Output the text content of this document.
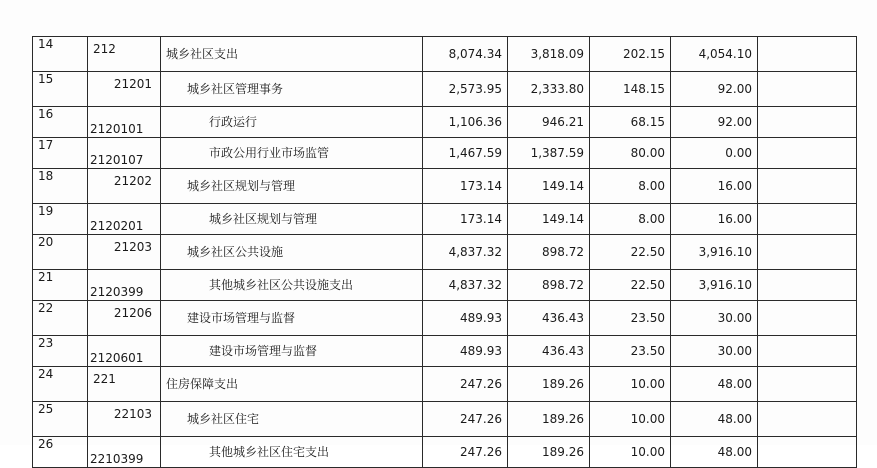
14	212	城乡社区支出	8,074.34	3,818.09	202.15	4,054.10	
15	21201	城乡社区管理事务	2,573.95	2,333.80	148.15	92.00	
16	2120101	行政运行	1,106.36	946.21	68.15	92.00	
17	2120107	市政公用行业市场监管	1,467.59	1,387.59	80.00	0.00	
18	21202	城乡社区规划与管理	173.14	149.14	8.00	16.00	
19	2120201	城乡社区规划与管理	173.14	149.14	8.00	16.00	
20	21203	城乡社区公共设施	4,837.32	898.72	22.50	3,916.10	
21	2120399	其他城乡社区公共设施支出	4,837.32	898.72	22.50	3,916.10	
22	21206	建设市场管理与监督	489.93	436.43	23.50	30.00	
23	2120601	建设市场管理与监督	489.93	436.43	23.50	30.00	
24	221	住房保障支出	247.26	189.26	10.00	48.00	
25	22103	城乡社区住宅	247.26	189.26	10.00	48.00	
26	2210399	其他城乡社区住宅支出	247.26	189.26	10.00	48.00	
